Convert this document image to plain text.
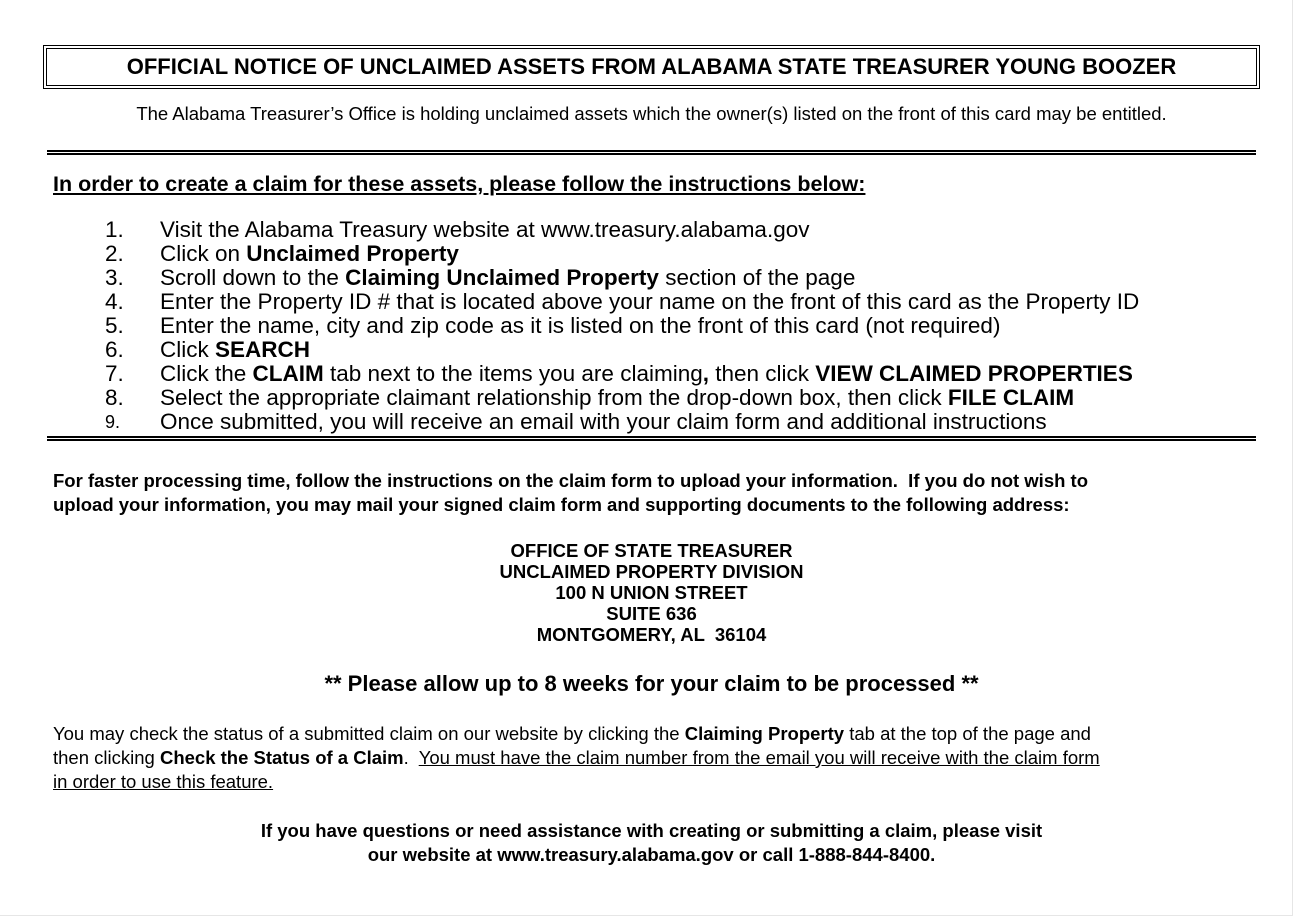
OFFICIAL NOTICE OF UNCLAIMED ASSETS FROM ALABAMA STATE TREASURER YOUNG BOOZER
The Alabama Treasurer’s Office is holding unclaimed assets which the owner(s) listed on the front of this card may be entitled.
In order to create a claim for these assets, please follow the instructions below:
1.	Visit the Alabama Treasury website at www.treasury.alabama.gov
2.	Click on Unclaimed Property
3.	Scroll down to the Claiming Unclaimed Property section of the page
4.	Enter the Property ID # that is located above your name on the front of this card as the Property ID
5.	Enter the name, city and zip code as it is listed on the front of this card (not required)
6.	Click SEARCH
7.	Click the CLAIM tab next to the items you are claiming , then click VIEW CLAIMED PROPERTIES
8.	Select the appropriate claimant relationship from the drop-down box, then click FILE CLAIM
9.	Once submitted, you will receive an email with your claim form and additional instructions
For faster processing time, follow the instructions on the claim form to upload your information.  If you do not wish to
upload your information, you may mail your signed claim form and supporting documents to the following address:
OFFICE OF STATE TREASURER
UNCLAIMED PROPERTY DIVISION
100 N UNION STREET
SUITE 636
MONTGOMERY, AL  36104
** Please allow up to 8 weeks for your claim to be processed **
You may check the status of a submitted claim on our website by clicking the Claiming Property tab at the top of the page and
then clicking Check the Status of a Claim.  You must have the claim number from the email you will receive with the claim form
in order to use this feature.
If you have questions or need assistance with creating or submitting a claim, please visit
our website at www.treasury.alabama.gov or call 1-888-844-8400.
